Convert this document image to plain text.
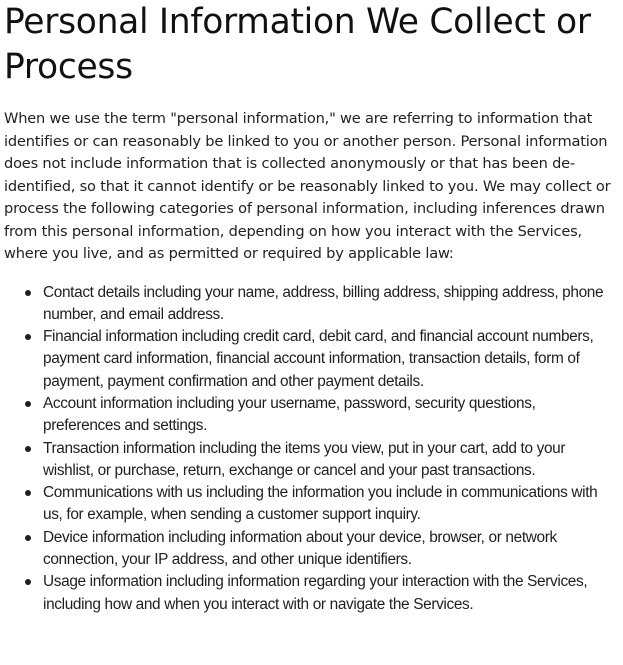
Personal Information We Collect or Process

When we use the term "personal information," we are referring to information that identifies or can reasonably be linked to you or another person. Personal information does not include information that is collected anonymously or that has been de-identified, so that it cannot identify or be reasonably linked to you. We may collect or process the following categories of personal information, including inferences drawn from this personal information, depending on how you interact with the Services, where you live, and as permitted or required by applicable law:

Contact details including your name, address, billing address, shipping address, phone number, and email address.
Financial information including credit card, debit card, and financial account numbers, payment card information, financial account information, transaction details, form of payment, payment confirmation and other payment details.
Account information including your username, password, security questions, preferences and settings.
Transaction information including the items you view, put in your cart, add to your wishlist, or purchase, return, exchange or cancel and your past transactions.
Communications with us including the information you include in communications with us, for example, when sending a customer support inquiry.
Device information including information about your device, browser, or network connection, your IP address, and other unique identifiers.
Usage information including information regarding your interaction with the Services, including how and when you interact with or navigate the Services.
